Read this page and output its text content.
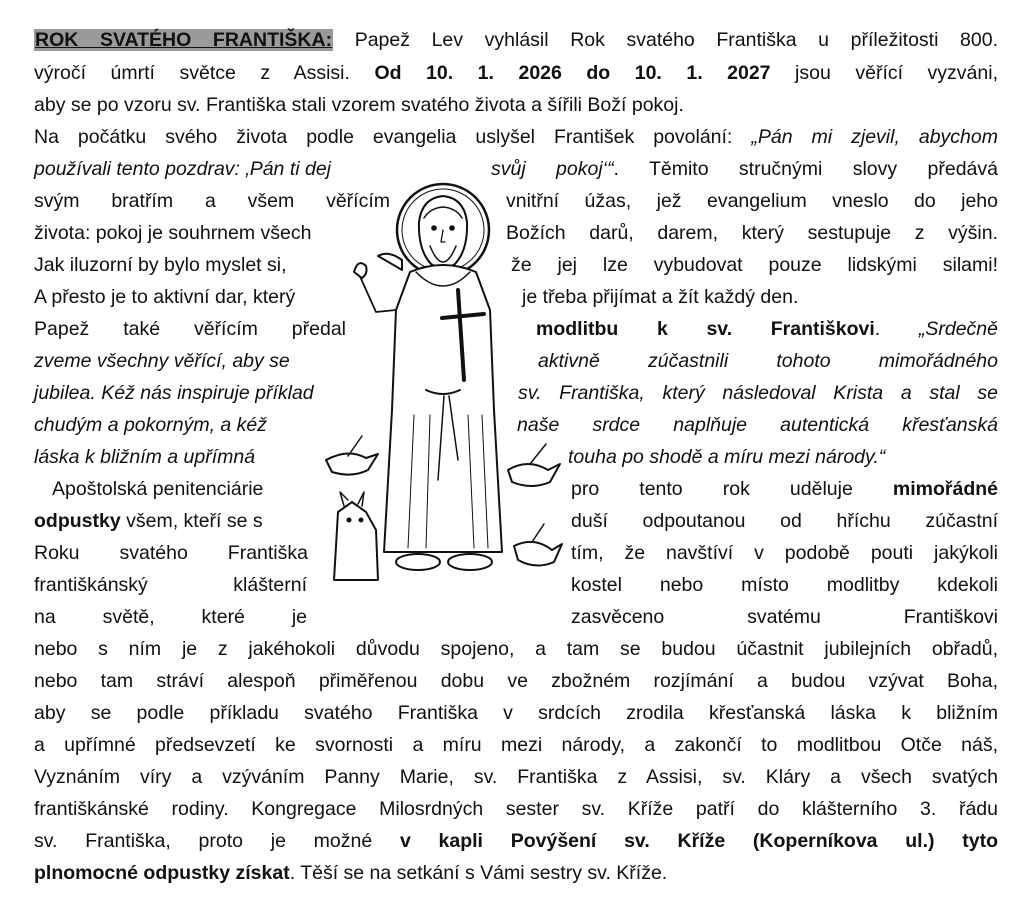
ROK SVATÉHO FRANTIŠKA: Papež Lev vyhlásil Rok svatého Františka u příležitosti 800.
výročí úmrtí světce z Assisi. Od 10. 1. 2026 do 10. 1. 2027 jsou věřící vyzváni,
aby se po vzoru sv. Františka stali vzorem svatého života a šířili Boží pokoj.
Na počátku svého života podle evangelia uslyšel František povolání: „Pán mi zjevil, abychom
používali tento pozdrav: ‚Pán ti dej	svůj pokoj‘“. Těmito stručnými slovy předává
svým bratřím a všem věřícím	vnitřní úžas, jež evangelium vneslo do jeho
života: pokoj je souhrnem všech	Božích darů, darem, který sestupuje z výšin.
Jak iluzorní by bylo myslet si,	že jej lze vybudovat pouze lidskými silami!
A přesto je to aktivní dar, který	je třeba přijímat a žít každý den.
Papež také věřícím předal	modlitbu k sv. Františkovi. „Srdečně
zveme všechny věřící, aby se	aktivně zúčastnili tohoto mimořádného
jubilea. Kéž nás inspiruje příklad	sv. Františka, který následoval Krista a stal se
chudým a pokorným, a kéž	naše srdce naplňuje autentická křesťanská
láska k bližním a upřímná	touha po shodě a míru mezi národy.“
Apoštolská penitenciárie	pro tento rok uděluje mimořádné
odpustky všem, kteří se s	duší odpoutanou od hříchu zúčastní
Roku svatého Františka	tím, že navštíví v podobě pouti jakýkoli
františkánský klášterní	kostel nebo místo modlitby kdekoli
na světě, které je	zasvěceno svatému Františkovi
nebo s ním je z jakéhokoli důvodu spojeno, a tam se budou účastnit jubilejních obřadů,
nebo tam stráví alespoň přiměřenou dobu ve zbožném rozjímání a budou vzývat Boha,
aby se podle příkladu svatého Františka v srdcích zrodila křesťanská láska k bližním
a upřímné předsevzetí ke svornosti a míru mezi národy, a zakončí to modlitbou Otče náš,
Vyznáním víry a vzýváním Panny Marie, sv. Františka z Assisi, sv. Kláry a všech svatých
františkánské rodiny. Kongregace Milosrdných sester sv. Kříže patří do klášterního 3. řádu
sv. Františka, proto je možné v kapli Povýšení sv. Kříže (Koperníkova ul.) tyto
plnomocné odpustky získat. Těší se na setkání s Vámi sestry sv. Kříže.
